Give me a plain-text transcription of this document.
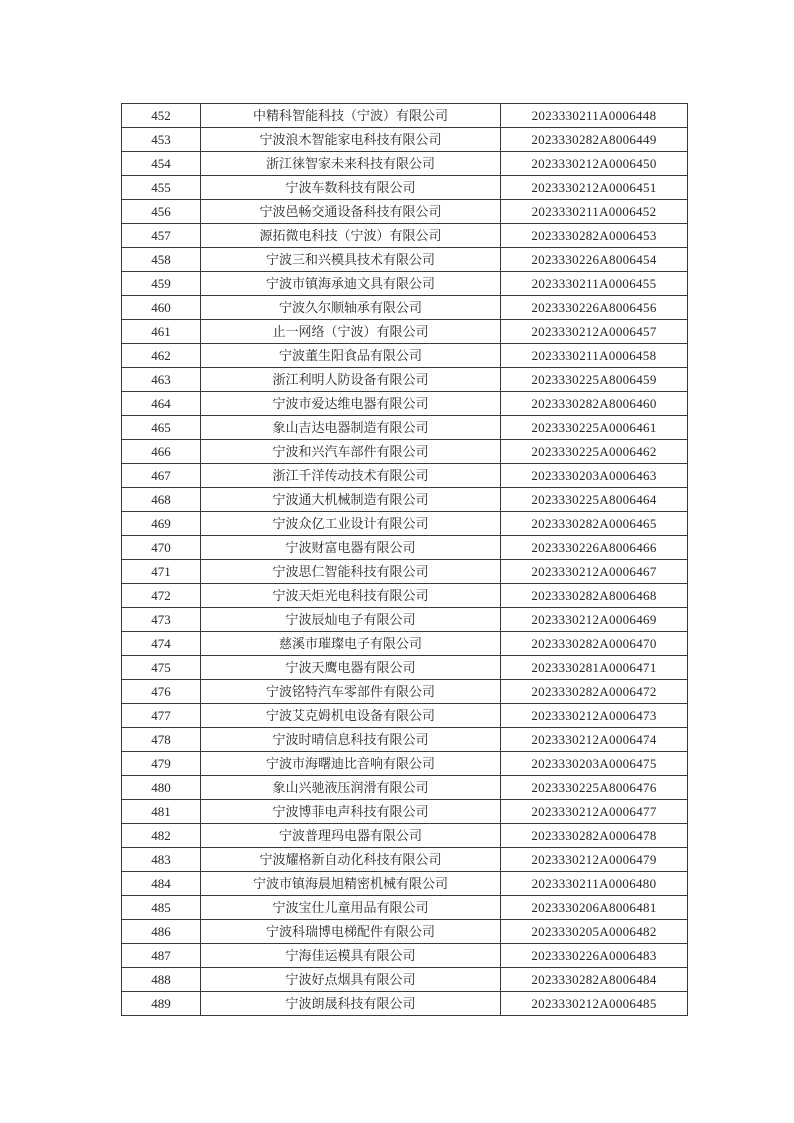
452	中精科智能科技（宁波）有限公司	2023330211A0006448
453	宁波浪木智能家电科技有限公司	2023330282A8006449
454	浙江徕智家未来科技有限公司	2023330212A0006450
455	宁波车数科技有限公司	2023330212A0006451
456	宁波邑畅交通设备科技有限公司	2023330211A0006452
457	源拓微电科技（宁波）有限公司	2023330282A0006453
458	宁波三和兴模具技术有限公司	2023330226A8006454
459	宁波市镇海承迪文具有限公司	2023330211A0006455
460	宁波久尔顺轴承有限公司	2023330226A8006456
461	止一网络（宁波）有限公司	2023330212A0006457
462	宁波董生阳食品有限公司	2023330211A0006458
463	浙江利明人防设备有限公司	2023330225A8006459
464	宁波市爱达维电器有限公司	2023330282A8006460
465	象山吉达电器制造有限公司	2023330225A0006461
466	宁波和兴汽车部件有限公司	2023330225A0006462
467	浙江千洋传动技术有限公司	2023330203A0006463
468	宁波通大机械制造有限公司	2023330225A8006464
469	宁波众亿工业设计有限公司	2023330282A0006465
470	宁波财富电器有限公司	2023330226A8006466
471	宁波思仁智能科技有限公司	2023330212A0006467
472	宁波天炬光电科技有限公司	2023330282A8006468
473	宁波辰灿电子有限公司	2023330212A0006469
474	慈溪市璀璨电子有限公司	2023330282A0006470
475	宁波天鹰电器有限公司	2023330281A0006471
476	宁波铭特汽车零部件有限公司	2023330282A0006472
477	宁波艾克姆机电设备有限公司	2023330212A0006473
478	宁波时晴信息科技有限公司	2023330212A0006474
479	宁波市海曙迪比音响有限公司	2023330203A0006475
480	象山兴驰液压润滑有限公司	2023330225A8006476
481	宁波博菲电声科技有限公司	2023330212A0006477
482	宁波普理玛电器有限公司	2023330282A0006478
483	宁波耀格新自动化科技有限公司	2023330212A0006479
484	宁波市镇海晨旭精密机械有限公司	2023330211A0006480
485	宁波宝仕儿童用品有限公司	2023330206A8006481
486	宁波科瑞博电梯配件有限公司	2023330205A0006482
487	宁海佳运模具有限公司	2023330226A0006483
488	宁波好点烟具有限公司	2023330282A8006484
489	宁波朗晟科技有限公司	2023330212A0006485
